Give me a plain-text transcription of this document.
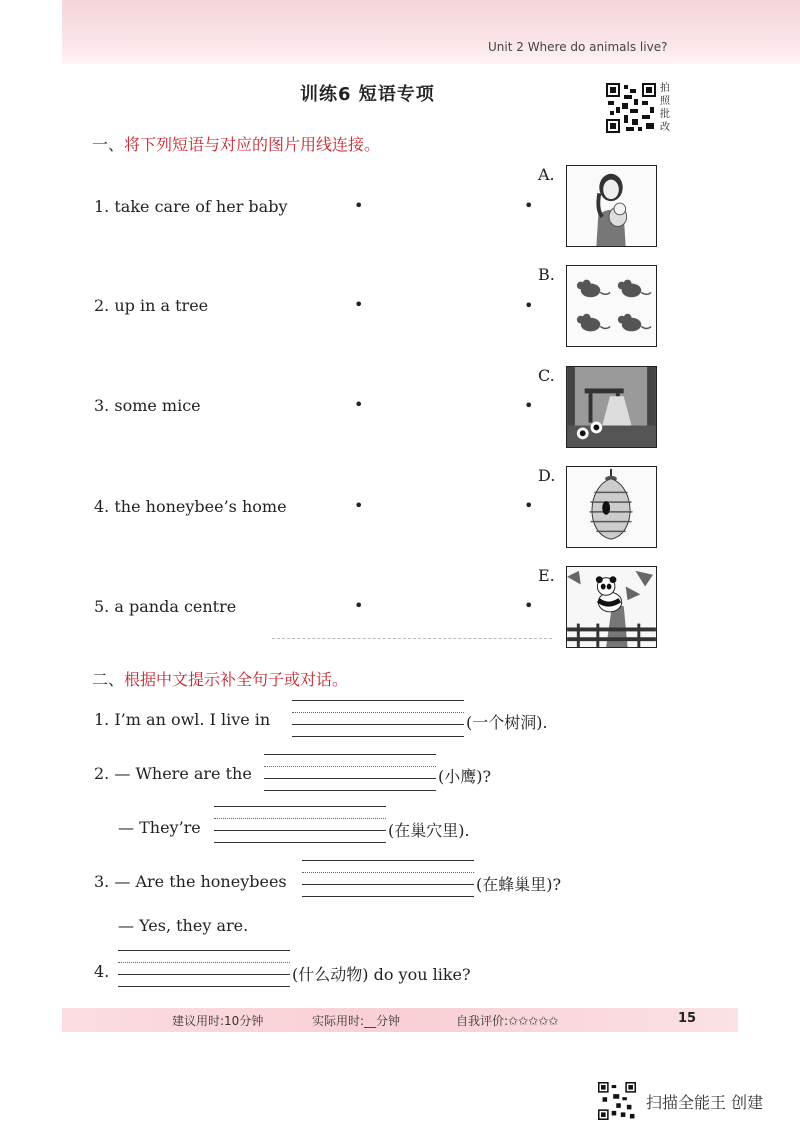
Unit 2 Where do animals live?
训练6 短语专项	拍照批改
一、将下列短语与对应的图片用线连接。
1. take care of her baby
2. up in a tree
3. some mice
4. the honeybee’s home
5. a panda centre
•
•
•
•
•
•
•
•
•
•
A.
B.
C.
D.
E.
二、根据中文提示补全句子或对话。
1. I’m an owl. I live in	(一个树洞).
2. — Where are the	(小鹰)?
— They’re	(在巢穴里).
3. — Are the honeybees	(在蜂巢里)?
— Yes, they are.
4.	(什么动物) do you like?
建议用时:10分钟	实际用时:__分钟	自我评价:✩✩✩✩✩	15
扫描全能王 创建
